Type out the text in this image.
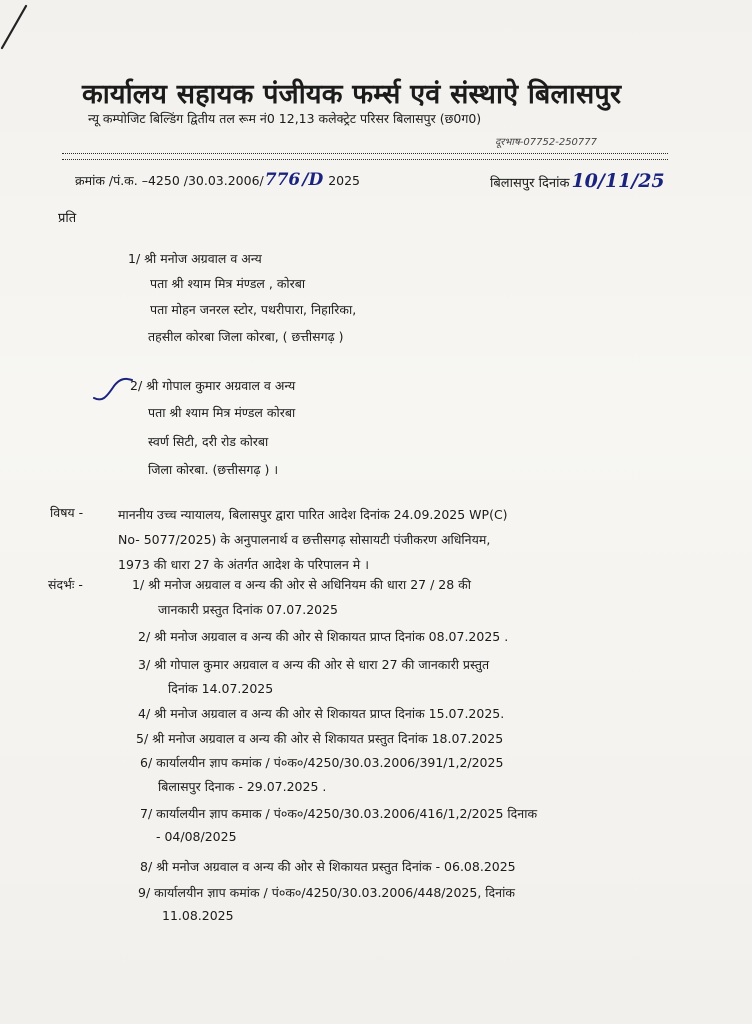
कार्यालय सहायक पंजीयक फर्म्स एवं संस्थाऐ बिलासपुर
न्यू कम्पोजिट बिल्डिंग द्वितीय तल रूम नं0 12,13 कलेक्ट्रेट परिसर बिलासपुर (छ0ग0)
दूरभाष-07752-250777
क्रमांक /पं.क. –4250 /30.03.2006/776 /D 2025	बिलासपुर दिनांक 10/11/25
प्रति
1/ श्री मनोज अग्रवाल व अन्य
पता श्री श्याम मित्र मंण्डल , कोरबा
पता मोहन जनरल स्टोर, पथरीपारा, निहारिका,
तहसील कोरबा जिला कोरबा, ( छत्तीसगढ़ )
2/ श्री गोपाल कुमार अग्रवाल व अन्य
पता श्री श्याम मित्र मंण्डल कोरबा
स्वर्ण सिटी, दरी रोड कोरबा
जिला कोरबा. (छत्तीसगढ़ ) ।
विषय -	माननीय उच्च न्यायालय, बिलासपुर द्वारा पारित आदेश दिनांक 24.09.2025 WP(C)
No- 5077/2025) के अनुपालनार्थ व छत्तीसगढ़ सोसायटी पंजीकरण अधिनियम,
1973 की धारा 27 के अंतर्गत आदेश के परिपालन मे ।
संदर्भः -	1/ श्री मनोज अग्रवाल व अन्य की ओर से अधिनियम की धारा 27 / 28 की
जानकारी प्रस्तुत दिनांक 07.07.2025
2/ श्री मनोज अग्रवाल व अन्य की ओर से शिकायत प्राप्त दिनांक 08.07.2025 .
3/ श्री गोपाल कुमार अग्रवाल व अन्य की ओर से धारा 27 की जानकारी प्रस्तुत
दिनांक 14.07.2025
4/ श्री मनोज अग्रवाल व अन्य की ओर से शिकायत प्राप्त दिनांक 15.07.2025.
5/ श्री मनोज अग्रवाल व अन्य की ओर से शिकायत प्रस्तुत दिनांक 18.07.2025
6/ कार्यालयीन ज्ञाप कमांक / पं०क०/4250/30.03.2006/391/1,2/2025
बिलासपुर दिनाक - 29.07.2025 .
7/ कार्यालयीन ज्ञाप कमाक / पं०क०/4250/30.03.2006/416/1,2/2025 दिनाक
- 04/08/2025
8/ श्री मनोज अग्रवाल व अन्य की ओर से शिकायत प्रस्तुत दिनांक - 06.08.2025
9/ कार्यालयीन ज्ञाप कमांक / पं०क०/4250/30.03.2006/448/2025, दिनांक
11.08.2025
